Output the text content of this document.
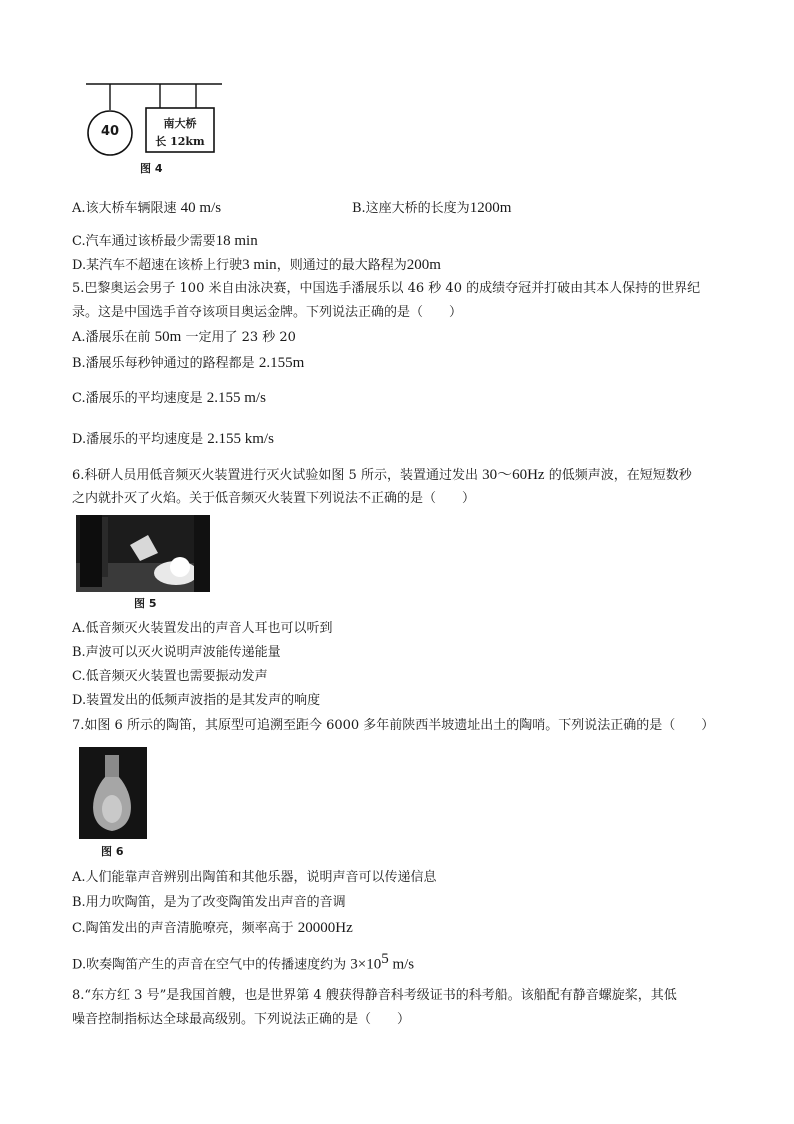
40
南大桥
长 12km
图 4
A.该大桥车辆限速 40 m/s	B.这座大桥的长度为1200m
C.汽车通过该桥最少需要18 min
D.某汽车不超速在该桥上行驶3 min，则通过的最大路程为200m
5.巴黎奥运会男子 100 米自由泳决赛，中国选手潘展乐以 46 秒 40 的成绩夺冠并打破由其本人保持的世界纪
录。这是中国选手首夺该项目奥运金牌。下列说法正确的是（　　）
A.潘展乐在前 50m 一定用了 23 秒 20
B.潘展乐每秒钟通过的路程都是 2.155m
C.潘展乐的平均速度是 2.155 m/s
D.潘展乐的平均速度是 2.155 km/s
6.科研人员用低音频灭火装置进行灭火试验如图 5 所示，装置通过发出 30～60Hz 的低频声波，在短短数秒
之内就扑灭了火焰。关于低音频灭火装置下列说法不正确的是（　　）
图 5
A.低音频灭火装置发出的声音人耳也可以听到
B.声波可以灭火说明声波能传递能量
C.低音频灭火装置也需要振动发声
D.装置发出的低频声波指的是其发声的响度
7.如图 6 所示的陶笛，其原型可追溯至距今 6000 多年前陕西半坡遗址出土的陶哨。下列说法正确的是（　　）
图 6
A.人们能靠声音辨别出陶笛和其他乐器，说明声音可以传递信息
B.用力吹陶笛，是为了改变陶笛发出声音的音调
C.陶笛发出的声音清脆嘹亮，频率高于 20000Hz
D.吹奏陶笛产生的声音在空气中的传播速度约为 $3\times 10^5$ m/s
8.“东方红 3 号”是我国首艘，也是世界第 4 艘获得静音科考级证书的科考船。该船配有静音螺旋桨，其低
噪音控制指标达全球最高级别。下列说法正确的是（　　）
